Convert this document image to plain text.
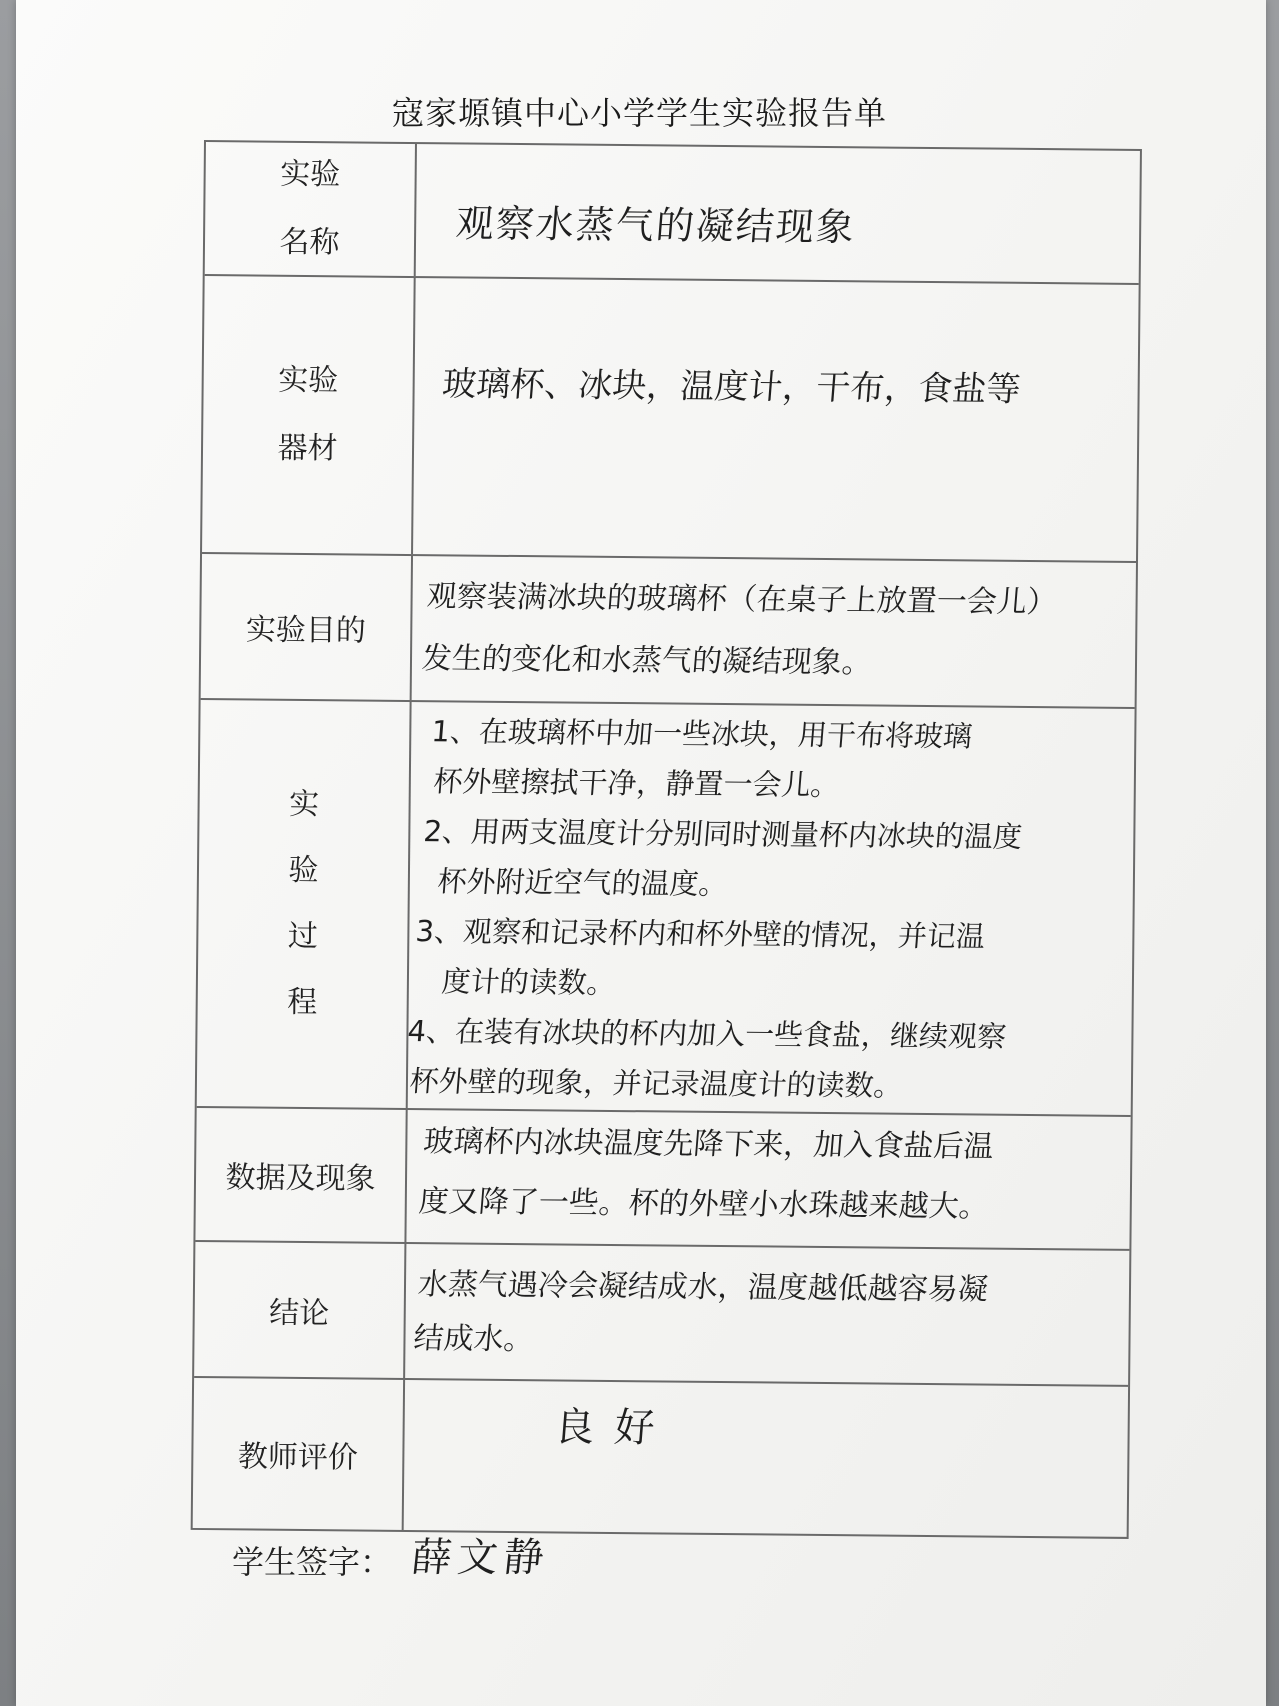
寇家塬镇中心小学学生实验报告单
实验
名称	观察水蒸气的凝结现象
实验
器材
玻璃杯、冰块，温度计，干布，食盐等
实验目的
观察装满冰块的玻璃杯（在桌子上放置一会儿）
发生的变化和水蒸气的凝结现象。
实
验
过
程
1、在玻璃杯中加一些冰块，用干布将玻璃
杯外壁擦拭干净，静置一会儿。
2、用两支温度计分别同时测量杯内冰块的温度
杯外附近空气的温度。
3、观察和记录杯内和杯外壁的情况，并记温
度计的读数。
4、在装有冰块的杯内加入一些食盐，继续观察
杯外壁的现象，并记录温度计的读数。
数据及现象
玻璃杯内冰块温度先降下来，加入食盐后温
度又降了一些。杯的外壁小水珠越来越大。
结论
水蒸气遇冷会凝结成水，温度越低越容易凝
结成水。
教师评价
良好
学生签字： 薛文静
